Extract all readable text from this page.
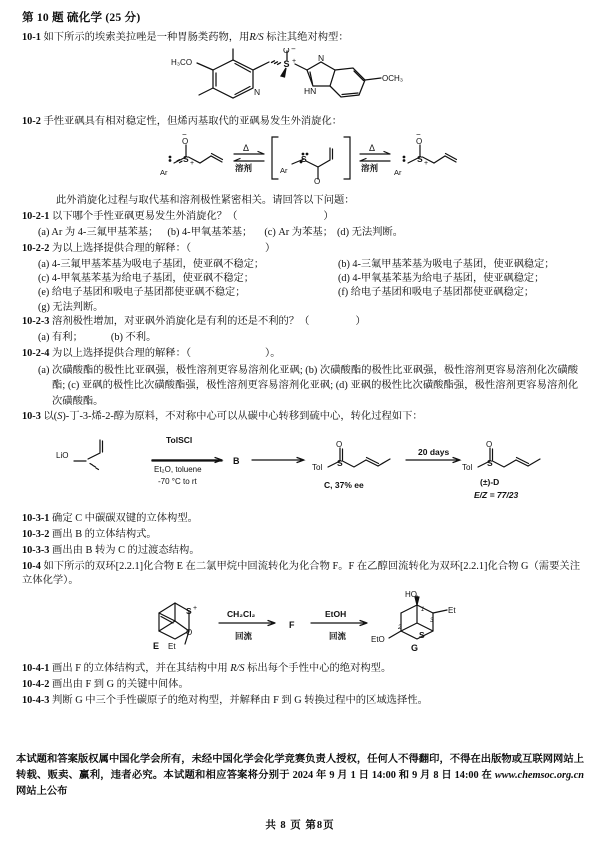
第 10 题 硫化学 (25 分)
10-1 如下所示的埃索美拉唑是一种胃肠类药物，用R/S 标注其绝对构型：
H₃CO	S +
O −
N
N
HN
OCH₃
10-2 手性亚砜具有相对稳定性，但烯丙基取代的亚砜易发生外消旋化：
Ar
S +
O
−
Δ
溶剂	Ar
S
O
Δ
溶剂 Ar
S +
O
−
此外消旋化过程与取代基和溶剂极性紧密相关。请回答以下问题：
10-2-1 以下哪个手性亚砜更易发生外消旋化？（	）
(a) Ar 为 4-三氟甲基苯基； (b) 4-甲氧基苯基； (c) Ar 为苯基； (d) 无法判断。
10-2-2 为以上选择提供合理的解释：（	）
(a) 4-三氟甲基苯基为吸电子基团，使亚砜不稳定；	(b) 4-三氟甲基苯基为吸电子基团，使亚砜稳定；
(c) 4-甲氧基苯基为给电子基团，使亚砜不稳定；	(d) 4-甲氧基苯基为给电子基团，使亚砜稳定；
(e) 给电子基团和吸电子基团都使亚砜不稳定；	(f) 给电子基团和吸电子基团都使亚砜稳定；
(g) 无法判断。
10-2-3 溶剂极性增加，对亚砜外消旋化是有利的还是不利的？（	）
(a) 有利；	(b) 不利。
10-2-4 为以上选择提供合理的解释：（	）。
(a) 次磺酸酯的极性比亚砜强，极性溶剂更容易溶剂化亚砜; (b) 次磺酸酯的极性比亚砜强，极性溶剂更容易溶剂化次磺酸酯; (c) 亚砜的极性比次磺酸酯强，极性溶剂更容易溶剂化亚砜; (d) 亚砜的极性比次磺酸酯强，极性溶剂更容易溶剂化次磺酸酯。
10-3 以(S)-丁-3-烯-2-醇为原料，不对称中心可以从碳中心转移到硫中心，转化过程如下：
LiO
TolSCl
Et₂O, toluene
-70 °C to rt
B
Tol S
O
C, 37% ee
20 days
Tol S
O
(±)-D
E/Z = 77/23
10-3-1 确定 C 中碳碳双键的立体构型。
10-3-2 画出 B 的立体结构式。
10-3-3 画出由 B 转为 C 的过渡态结构。
10-4 如下所示的双环[2.2.1]化合物 E 在二氯甲烷中回流转化为化合物 F。F 在乙醇回流转化为双环[2.2.1]化合物 G（需要关注立体化学）。
E Et
S +
O
CH₂Cl₂
回流
F
EtOH
回流
HO
1
2
3
EtO
Et
S
G
10-4-1 画出 F 的立体结构式，并在其结构中用 R/S 标出每个手性中心的绝对构型。
10-4-2 画出由 F 到 G 的关键中间体。
10-4-3 判断 G 中三个手性碳原子的绝对构型，并解释由 F 到 G 转换过程中的区域选择性。
本试题和答案版权属中国化学会所有，未经中国化学会化学竞赛负责人授权，任何人不得翻印，不得在出版物或互联网网站上转载、贩卖、赢利，违者必究。本试题和相应答案将分别于 2024 年 9 月 1 日 14:00 和 9 月 8 日 14:00 在 www.chemsoc.org.cn 网站上公布
共 8 页 第8页
